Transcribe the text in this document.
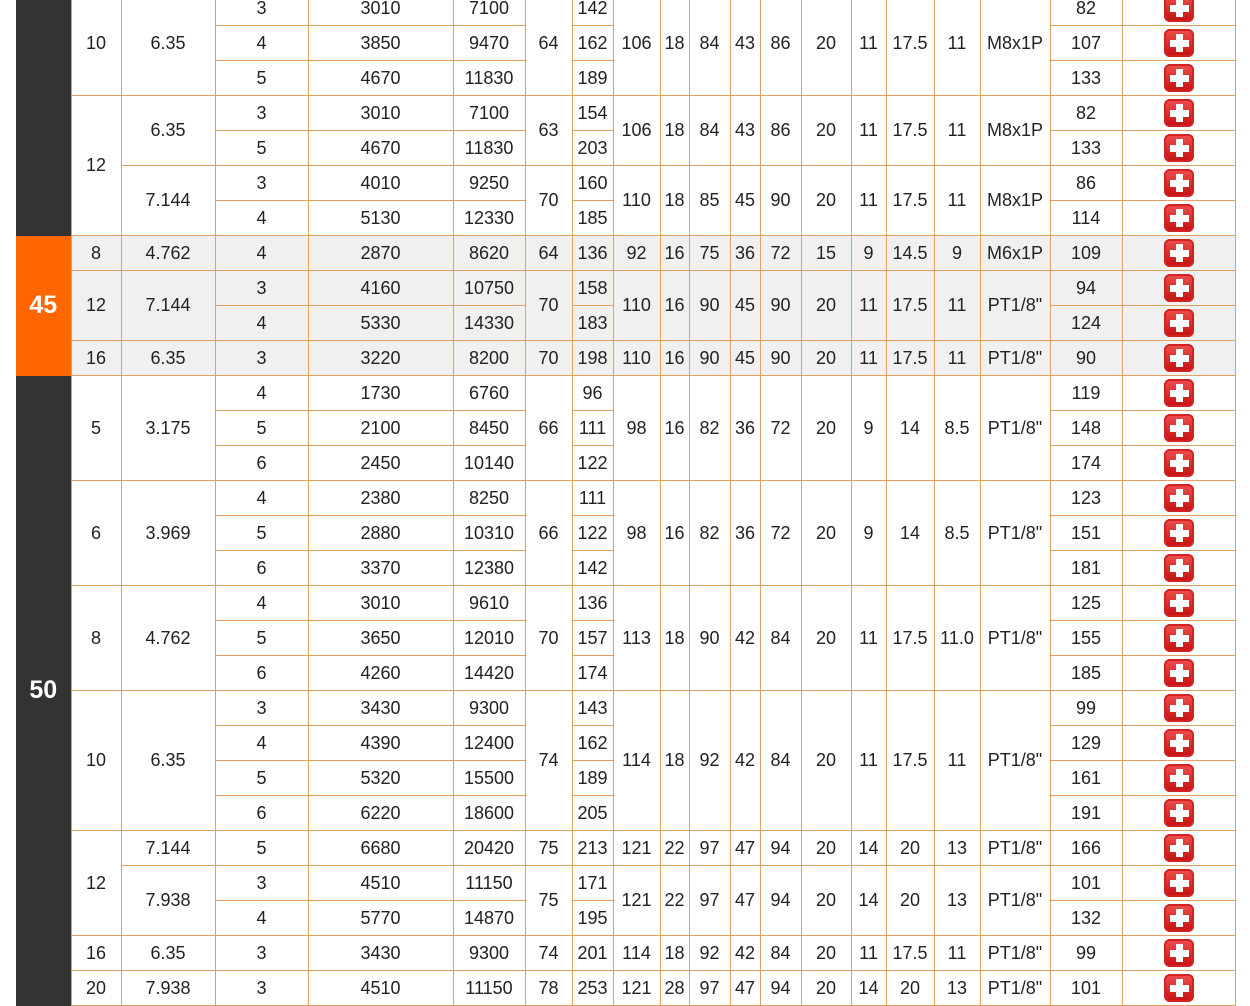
	10	6.35	3	3010	7100	64	142	106	18	84	43	86	20	11	17.5	11	M8x1P	82	
			4	3850	9470		162											107	
			5	4670	11830		189											133	
	12	6.35	3	3010	7100	63	154	106	18	84	43	86	20	11	17.5	11	M8x1P	82	
			5	4670	11830		203											133	
		7.144	3	4010	9250	70	160	110	18	85	45	90	20	11	17.5	11	M8x1P	86	
			4	5130	12330		185											114	
45	8	4.762	4	2870	8620	64	136	92	16	75	36	72	15	9	14.5	9	M6x1P	109	
	12	7.144	3	4160	10750	70	158	110	16	90	45	90	20	11	17.5	11	PT1/8"	94	
			4	5330	14330		183											124	
	16	6.35	3	3220	8200	70	198	110	16	90	45	90	20	11	17.5	11	PT1/8"	90	
50	5	3.175	4	1730	6760	66	96	98	16	82	36	72	20	9	14	8.5	PT1/8"	119	
			5	2100	8450		111											148	
			6	2450	10140		122											174	
	6	3.969	4	2380	8250	66	111	98	16	82	36	72	20	9	14	8.5	PT1/8"	123	
			5	2880	10310		122											151	
			6	3370	12380		142											181	
	8	4.762	4	3010	9610	70	136	113	18	90	42	84	20	11	17.5	11.0	PT1/8"	125	
			5	3650	12010		157											155	
			6	4260	14420		174											185	
	10	6.35	3	3430	9300	74	143	114	18	92	42	84	20	11	17.5	11	PT1/8"	99	
			4	4390	12400		162											129	
			5	5320	15500		189											161	
			6	6220	18600		205											191	
	12	7.144	5	6680	20420	75	213	121	22	97	47	94	20	14	20	13	PT1/8"	166	
		7.938	3	4510	11150	75	171	121	22	97	47	94	20	14	20	13	PT1/8"	101	
			4	5770	14870		195											132	
	16	6.35	3	3430	9300	74	201	114	18	92	42	84	20	11	17.5	11	PT1/8"	99	
	20	7.938	3	4510	11150	78	253	121	28	97	47	94	20	14	20	13	PT1/8"	101	
